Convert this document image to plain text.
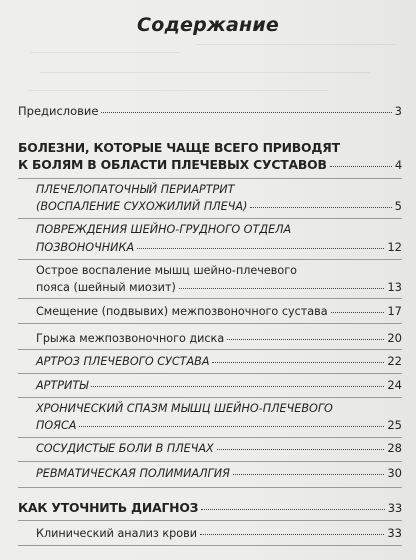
Содержание
Предисловие	3
БОЛЕЗНИ, КОТОРЫЕ ЧАЩЕ ВСЕГО ПРИВОДЯТ
К БОЛЯМ В ОБЛАСТИ ПЛЕЧЕВЫХ СУСТАВОВ	4
ПЛЕЧЕЛОПАТОЧНЫЙ ПЕРИАРТРИТ
(ВОСПАЛЕНИЕ СУХОЖИЛИЙ ПЛЕЧА)	5
ПОВРЕЖДЕНИЯ ШЕЙНО-ГРУДНОГО ОТДЕЛА
ПОЗВОНОЧНИКА	12
Острое воспаление мышц шейно-плечевого
пояса (шейный миозит)	13
Смещение (подвывих) межпозвоночного сустава	17
Грыжа межпозвоночного диска	20
АРТРОЗ ПЛЕЧЕВОГО СУСТАВА	22
АРТРИТЫ	24
ХРОНИЧЕСКИЙ СПАЗМ МЫШЦ ШЕЙНО-ПЛЕЧЕВОГО
ПОЯСА	25
СОСУДИСТЫЕ БОЛИ В ПЛЕЧАХ	28
РЕВМАТИЧЕСКАЯ ПОЛИМИАЛГИЯ	30
КАК УТОЧНИТЬ ДИАГНОЗ	33
Клинический анализ крови	33
